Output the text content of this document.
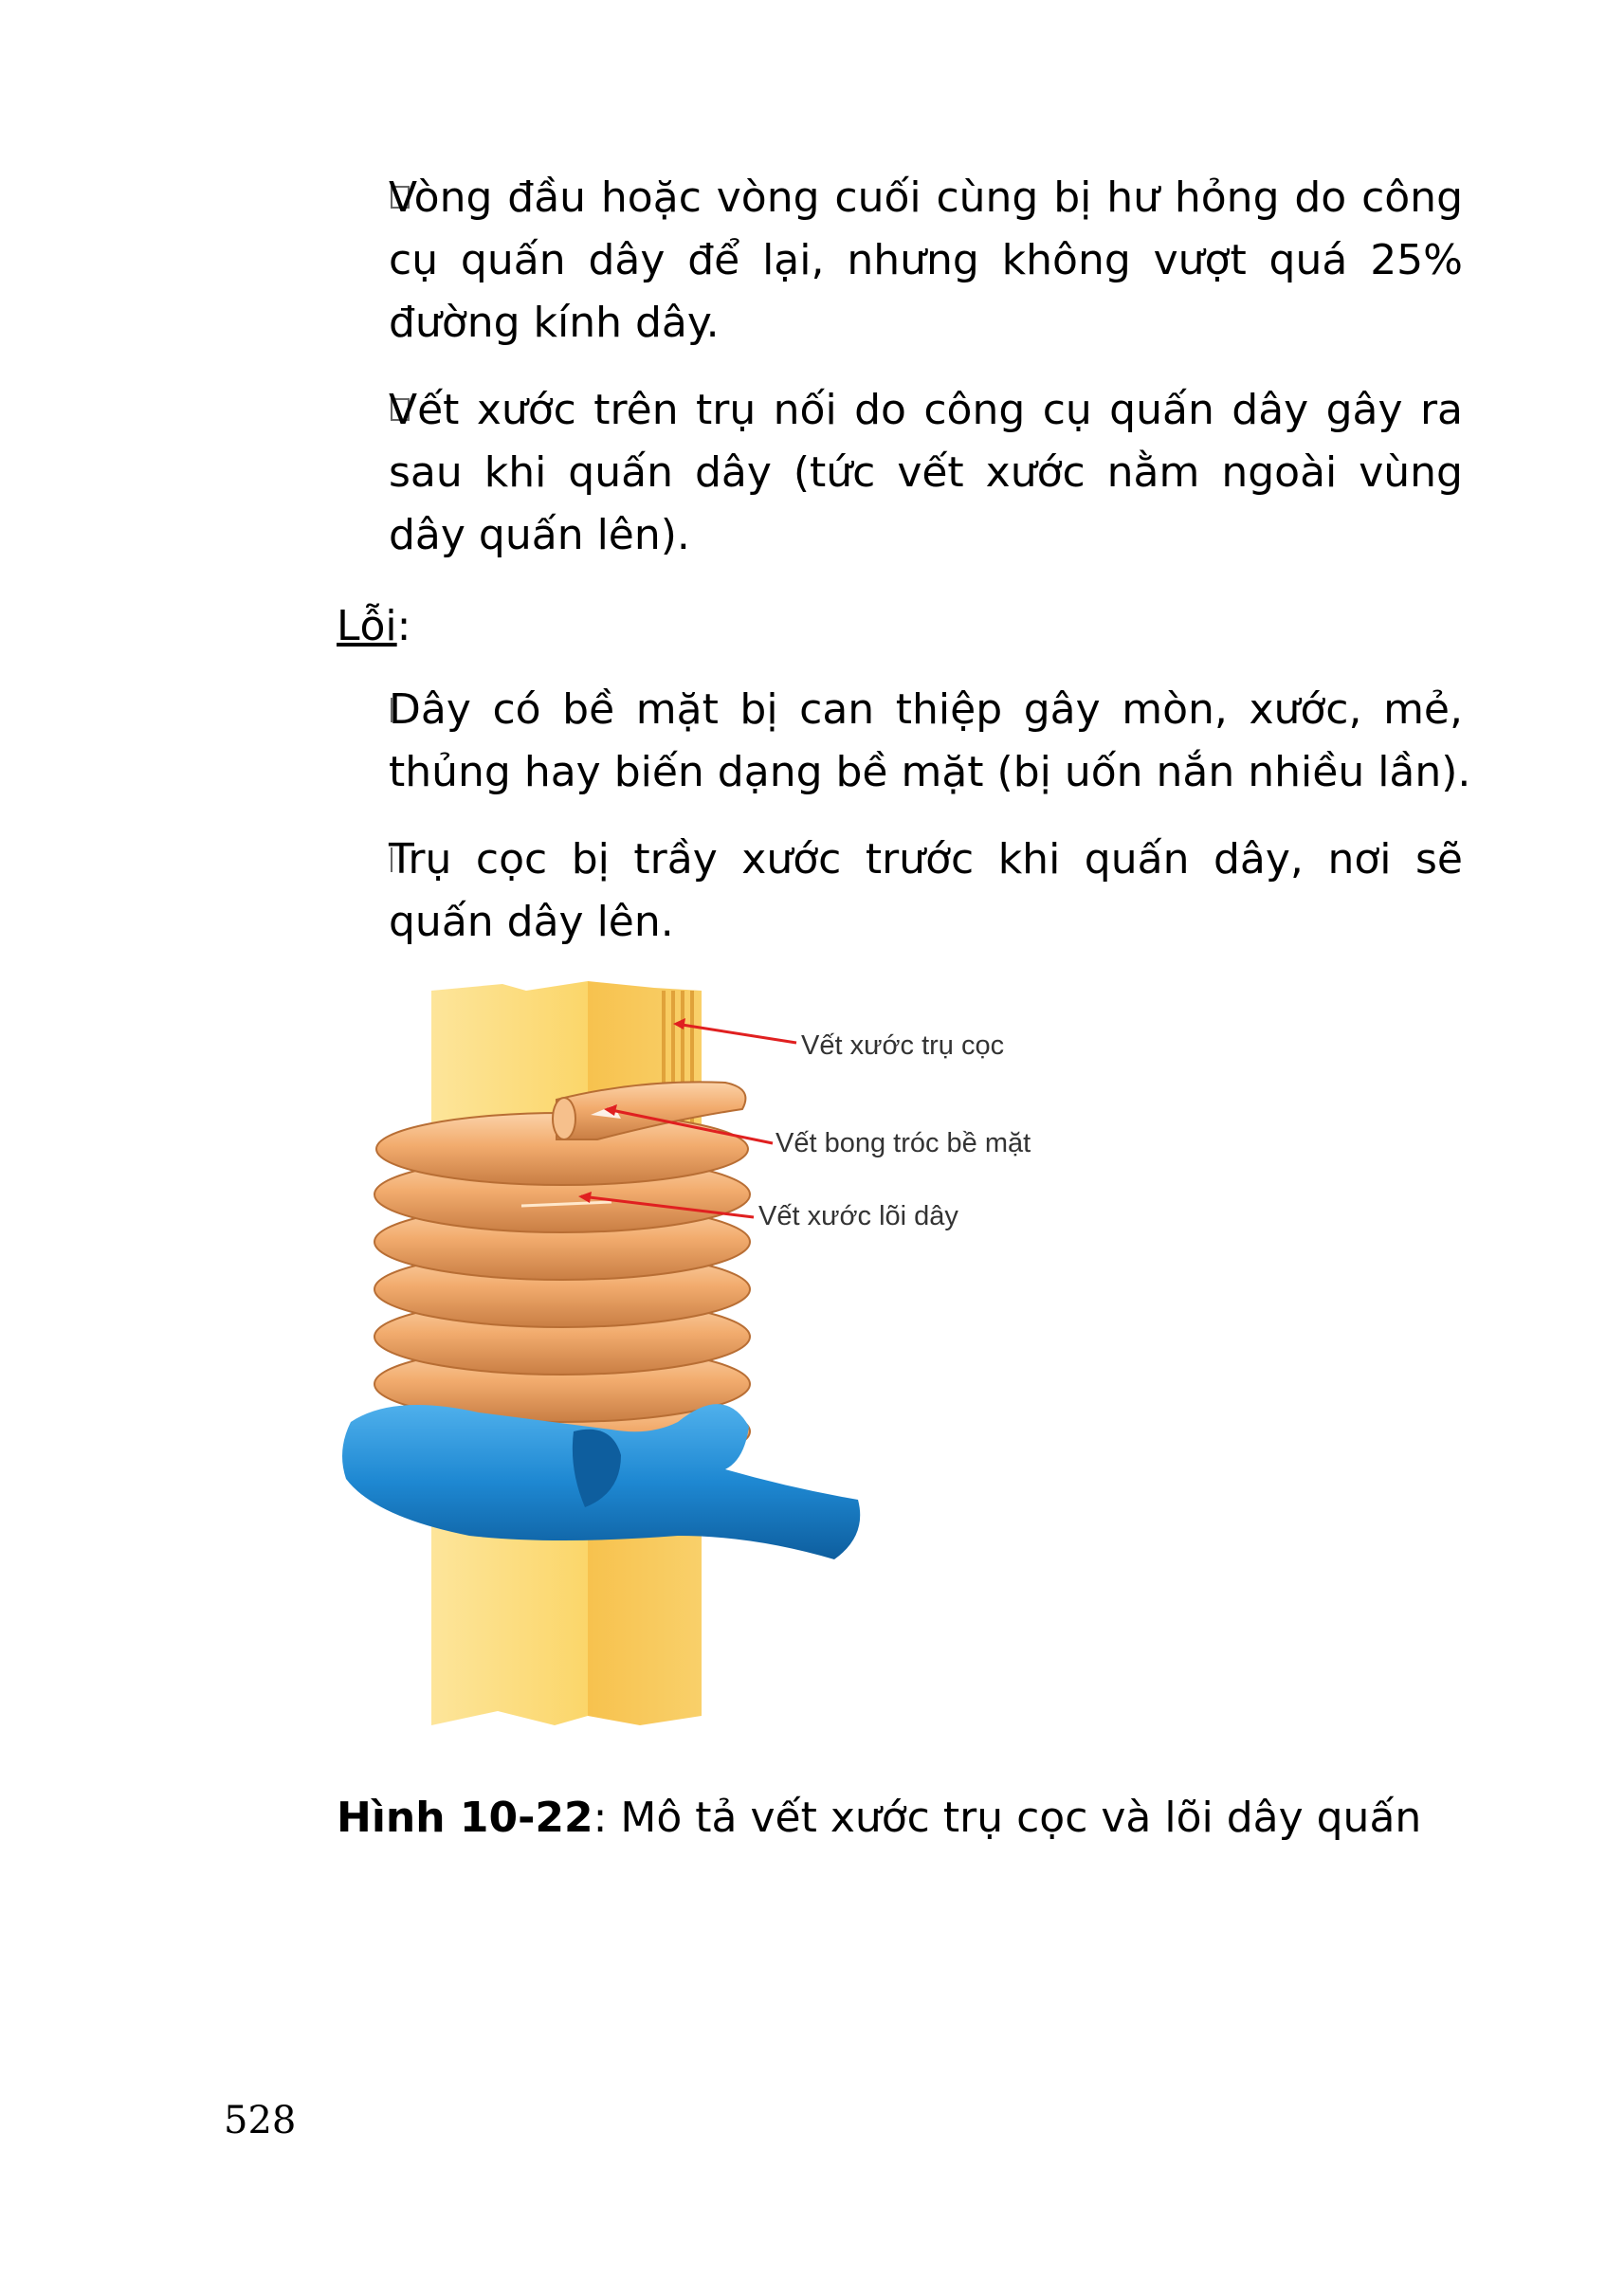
Vòng đầu hoặc vòng cuối cùng bị hư hỏng do công
cụ quấn dây để lại, nhưng không vượt quá 25%
đường kính dây.
Vết xước trên trụ nối do công cụ quấn dây gây ra
sau khi quấn dây (tức vết xước nằm ngoài vùng
dây quấn lên).
Lỗi:
Dây có bề mặt bị can thiệp gây mòn, xước, mẻ,
thủng hay biến dạng bề mặt (bị uốn nắn nhiều lần).
Trụ cọc bị trầy xước trước khi quấn dây, nơi sẽ
quấn dây lên.
Vết xước trụ cọc
Vết bong tróc bề mặt
Vết xước lõi dây
Hình 10-22: Mô tả vết xước trụ cọc và lõi dây quấn
528
